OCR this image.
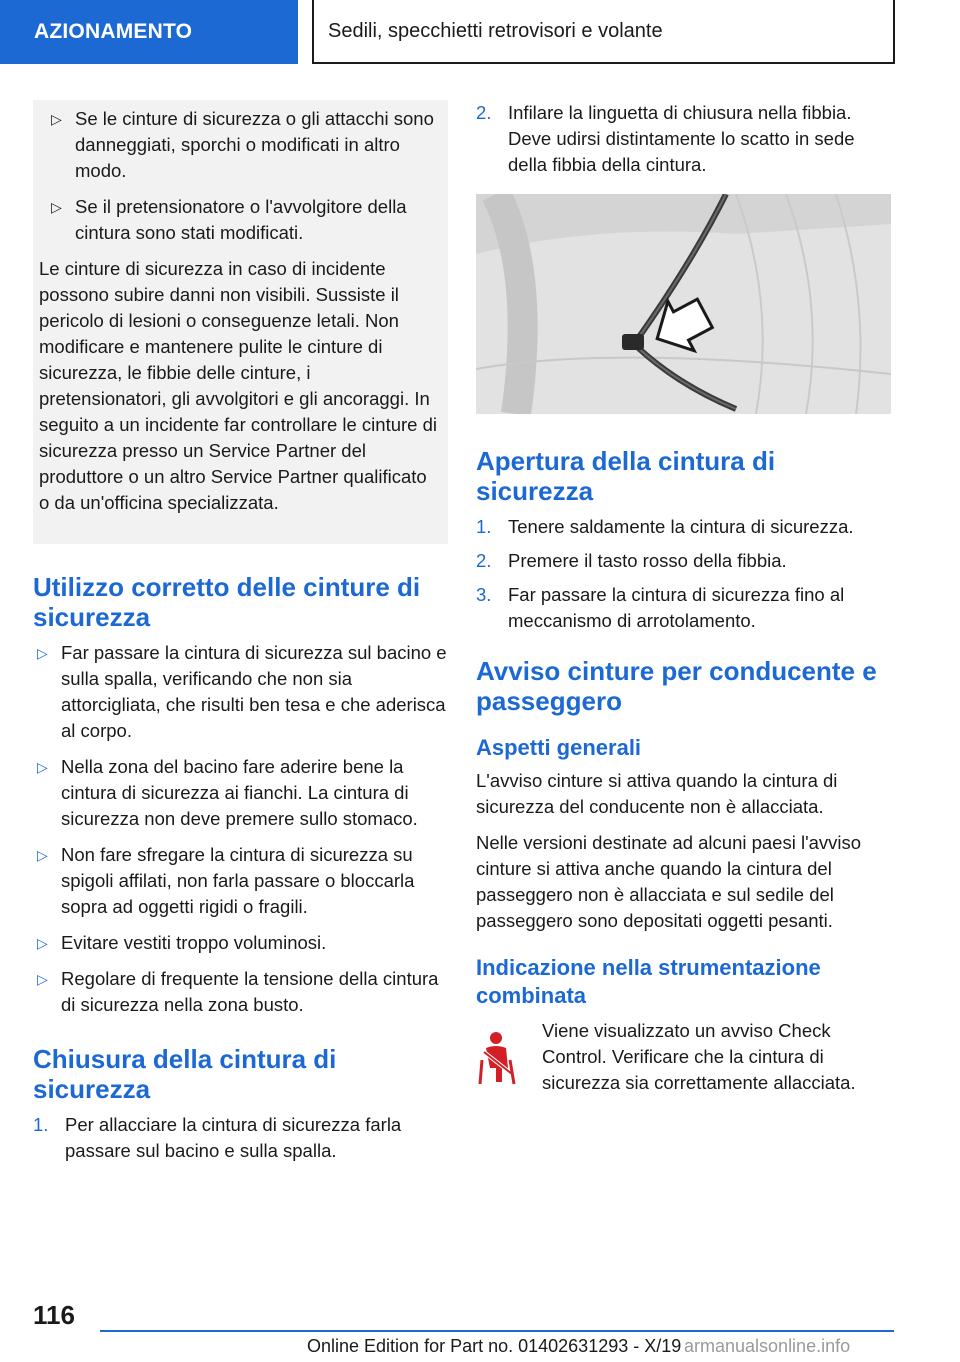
AZIONAMENTO	Sedili, specchietti retrovisori e volante
▷ Se le cinture di sicurezza o gli attacchi sono danneggiati, sporchi o modificati in altro modo.
▷ Se il pretensionatore o l'avvolgitore della cintura sono stati modificati.

Le cinture di sicurezza in caso di incidente possono subire danni non visibili. Sussiste il pericolo di lesioni o conseguenze letali. Non modificare e mantenere pulite le cinture di sicurezza, le fibbie delle cinture, i pretensionatori, gli avvolgitori e gli ancoraggi. In seguito a un incidente far controllare le cinture di sicurezza presso un Service Partner del produttore o un altro Service Partner qualificato o da un'officina specializzata.

Utilizzo corretto delle cinture di sicurezza
▷ Far passare la cintura di sicurezza sul bacino e sulla spalla, verificando che non sia attorcigliata, che risulti ben tesa e che aderisca al corpo.
▷ Nella zona del bacino fare aderire bene la cintura di sicurezza ai fianchi. La cintura di sicurezza non deve premere sullo stomaco.
▷ Non fare sfregare la cintura di sicurezza su spigoli affilati, non farla passare o bloccarla sopra ad oggetti rigidi o fragili.
▷ Evitare vestiti troppo voluminosi.
▷ Regolare di frequente la tensione della cintura di sicurezza nella zona busto.
Chiusura della cintura di sicurezza
1. Per allacciare la cintura di sicurezza farla passare sul bacino e sulla spalla.
2. Infilare la linguetta di chiusura nella fibbia. Deve udirsi distintamente lo scatto in sede della fibbia della cintura.
Apertura della cintura di sicurezza
1. Tenere saldamente la cintura di sicurezza.
2. Premere il tasto rosso della fibbia.
3. Far passare la cintura di sicurezza fino al meccanismo di arrotolamento.
Avviso cinture per conducente e passeggero
Aspetti generali

L'avviso cinture si attiva quando la cintura di sicurezza del conducente non è allacciata.

Nelle versioni destinate ad alcuni paesi l'avviso cinture si attiva anche quando la cintura del passeggero non è allacciata e sul sedile del passeggero sono depositati oggetti pesanti.

Indicazione nella strumentazione combinata
Viene visualizzato un avviso Check Control. Verificare che la cintura di sicurezza sia correttamente allacciata.
116
Online Edition for Part no. 01402631293 - X/19 armanualsonline.info
